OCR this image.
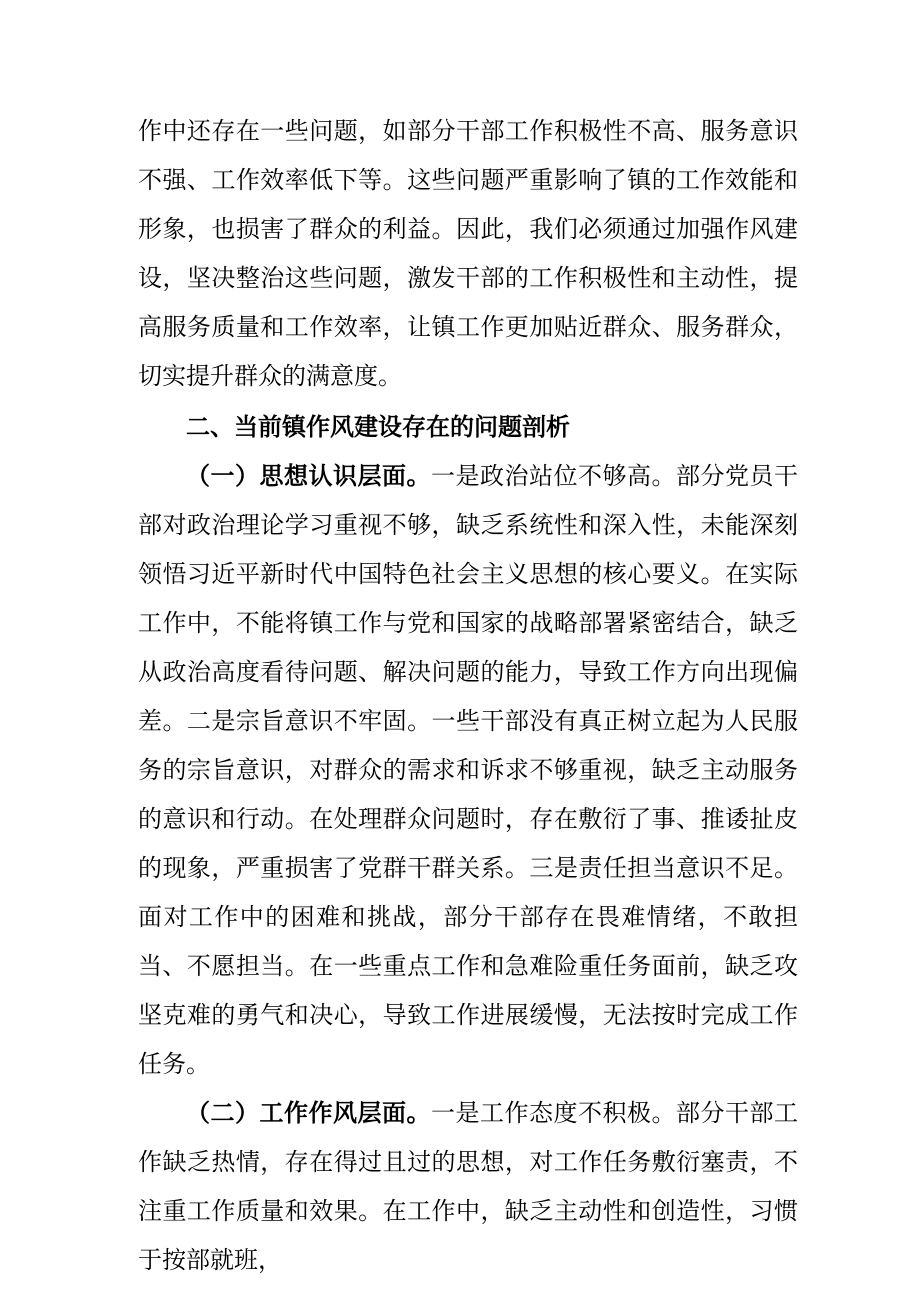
作中还存在一些问题，如部分干部工作积极性不高、服务意识不强、工作效率低下等。这些问题严重影响了镇的工作效能和形象，也损害了群众的利益。因此，我们必须通过加强作风建设，坚决整治这些问题，激发干部的工作积极性和主动性，提高服务质量和工作效率，让镇工作更加贴近群众、服务群众，切实提升群众的满意度。

二、当前镇作风建设存在的问题剖析

（一）思想认识层面。一是政治站位不够高。部分党员干部对政治理论学习重视不够，缺乏系统性和深入性，未能深刻领悟习近平新时代中国特色社会主义思想的核心要义。在实际工作中，不能将镇工作与党和国家的战略部署紧密结合，缺乏从政治高度看待问题、解决问题的能力，导致工作方向出现偏差。二是宗旨意识不牢固。一些干部没有真正树立起为人民服务的宗旨意识，对群众的需求和诉求不够重视，缺乏主动服务的意识和行动。在处理群众问题时，存在敷衍了事、推诿扯皮的现象，严重损害了党群干群关系。三是责任担当意识不足。面对工作中的困难和挑战，部分干部存在畏难情绪，不敢担当、不愿担当。在一些重点工作和急难险重任务面前，缺乏攻坚克难的勇气和决心，导致工作进展缓慢，无法按时完成工作任务。

（二）工作作风层面。一是工作态度不积极。部分干部工作缺乏热情，存在得过且过的思想，对工作任务敷衍塞责，不注重工作质量和效果。在工作中，缺乏主动性和创造性，习惯于按部就班，
